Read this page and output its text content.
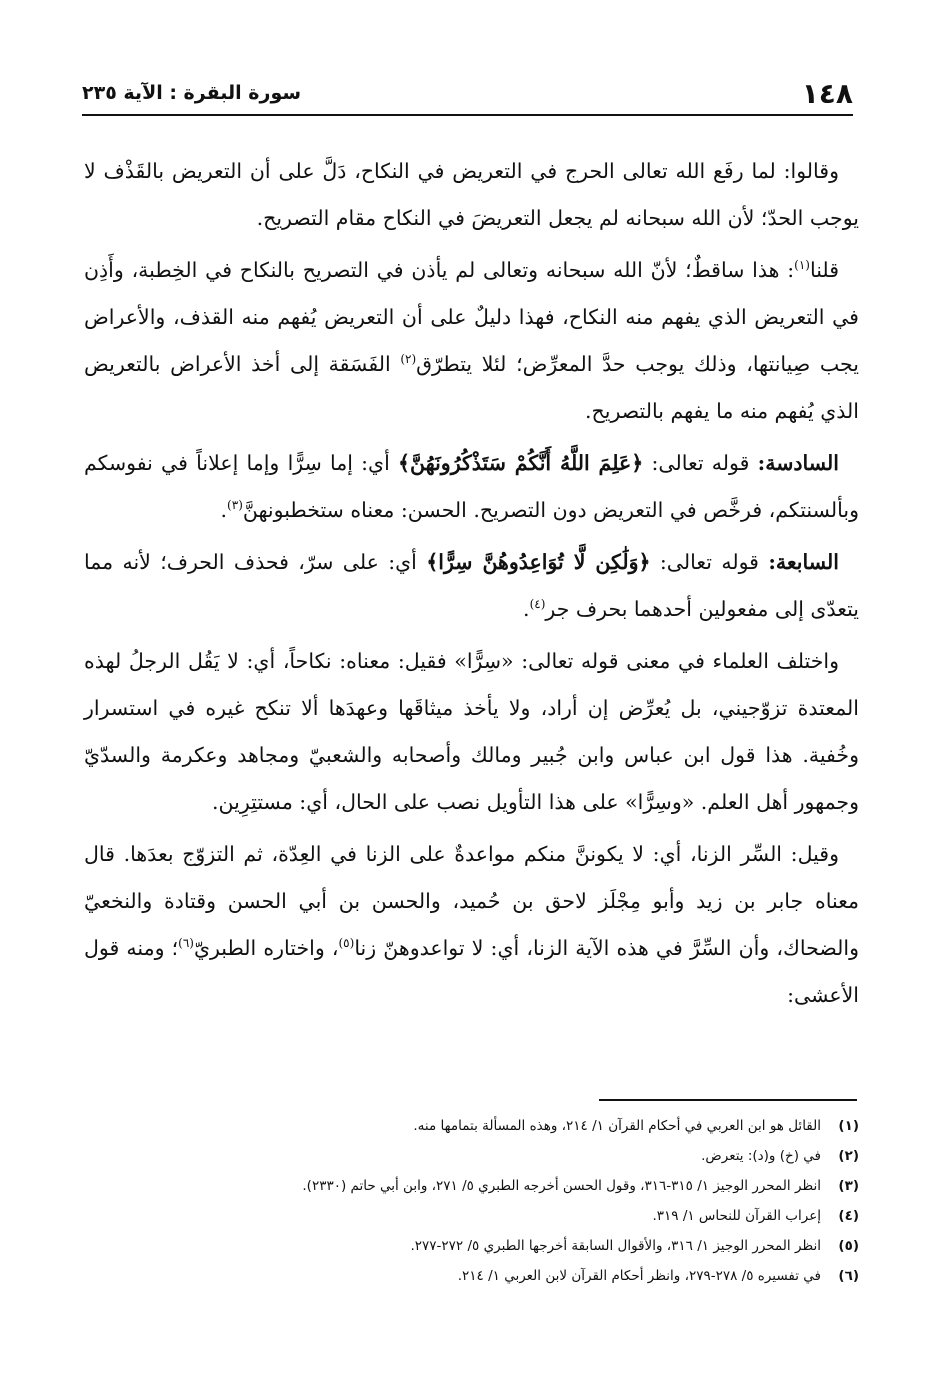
١٤٨
سورة البقرة : الآية ٢٣٥

وقالوا: لما رفَع الله تعالى الحرج في التعريض في النكاح، دَلَّ على أن التعريض بالقَذْف لا يوجب الحدّ؛ لأن الله سبحانه لم يجعل التعريضَ في النكاح مقام التصريح.

قلنا$^{(١)}$: هذا ساقطٌ؛ لأنّ الله سبحانه وتعالى لم يأذن في التصريح بالنكاح في الخِطبة، وأَذِن في التعريض الذي يفهم منه النكاح، فهذا دليلٌ على أن التعريض يُفهم منه القذف، والأعراض يجب صِيانتها، وذلك يوجب حدَّ المعرِّض؛ لئلا يتطرّق$^{(٢)}$ الفَسَقة إلى أخذ الأعراض بالتعريض الذي يُفهم منه ما يفهم بالتصريح.

السادسة: قوله تعالى: ﴿عَلِمَ اللَّهُ أَنَّكُمْ سَتَذْكُرُونَهُنَّ﴾ أي: إما سِرًّا وإما إعلاناً في نفوسكم وبألسنتكم، فرخَّص في التعريض دون التصريح. الحسن: معناه ستخطبونهنَّ$^{(٣)}$.

السابعة: قوله تعالى: ﴿وَلَٰكِن لَّا تُوَاعِدُوهُنَّ سِرًّا﴾ أي: على سرّ، فحذف الحرف؛ لأنه مما يتعدّى إلى مفعولين أحدهما بحرف جر$^{(٤)}$.

واختلف العلماء في معنى قوله تعالى: «سِرًّا» فقيل: معناه: نكاحاً، أي: لا يَقُل الرجلُ لهذه المعتدة تزوّجيني، بل يُعرِّض إن أراد، ولا يأخذ ميثاقَها وعهدَها ألا تنكح غيره في استسرار وخُفية. هذا قول ابن عباس وابن جُبير ومالك وأصحابه والشعبيّ ومجاهد وعكرمة والسدّيّ وجمهور أهل العلم. «وسِرًّا» على هذا التأويل نصب على الحال، أي: مستتِرِين.

وقيل: السِّر الزنا، أي: لا يكوننَّ منكم مواعدةٌ على الزنا في العِدّة، ثم التزوّج بعدَها. قال معناه جابر بن زيد وأبو مِجْلَز لاحق بن حُميد، والحسن بن أبي الحسن وقتادة والنخعيّ والضحاك، وأن السِّرَّ في هذه الآية الزنا، أي: لا تواعدوهنّ زنا$^{(٥)}$، واختاره الطبريّ$^{(٦)}$؛ ومنه قول الأعشى:

(١)
القائل هو ابن العربي في أحكام القرآن ١/ ٢١٤، وهذه المسألة بتمامها منه.
(٢)
في (خ) و(د): يتعرض.
(٣)
انظر المحرر الوجيز ١/ ٣١٥-٣١٦، وقول الحسن أخرجه الطبري ٥/ ٢٧١، وابن أبي حاتم (٢٣٣٠).
(٤)
إعراب القرآن للنحاس ١/ ٣١٩.
(٥)
انظر المحرر الوجيز ١/ ٣١٦، والأقوال السابقة أخرجها الطبري ٥/ ٢٧٢-٢٧٧.
(٦)
في تفسيره ٥/ ٢٧٨-٢٧٩، وانظر أحكام القرآن لابن العربي ١/ ٢١٤.
